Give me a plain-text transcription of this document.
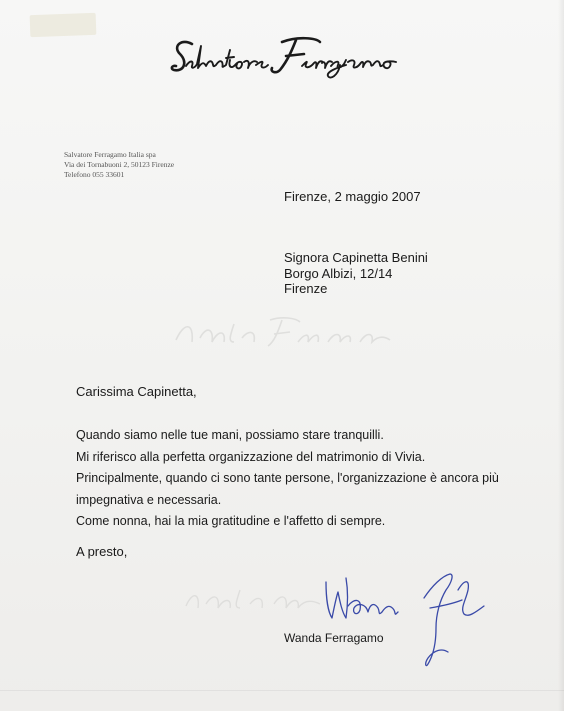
Salvatore Ferragamo Italia spa
Via dei Tornabuoni 2, 50123 Firenze
Telefono 055 33601
Firenze, 2 maggio 2007
Signora Capinetta Benini
Borgo Albizi, 12/14
Firenze
Carissima Capinetta,
Quando siamo nelle tue mani, possiamo stare tranquilli.
Mi riferisco alla perfetta organizzazione del matrimonio di Vivia.
Principalmente, quando ci sono tante persone, l'organizzazione è ancora più
impegnativa e necessaria.
Come nonna, hai la mia gratitudine e l'affetto di sempre.
A presto,
Wanda Ferragamo
